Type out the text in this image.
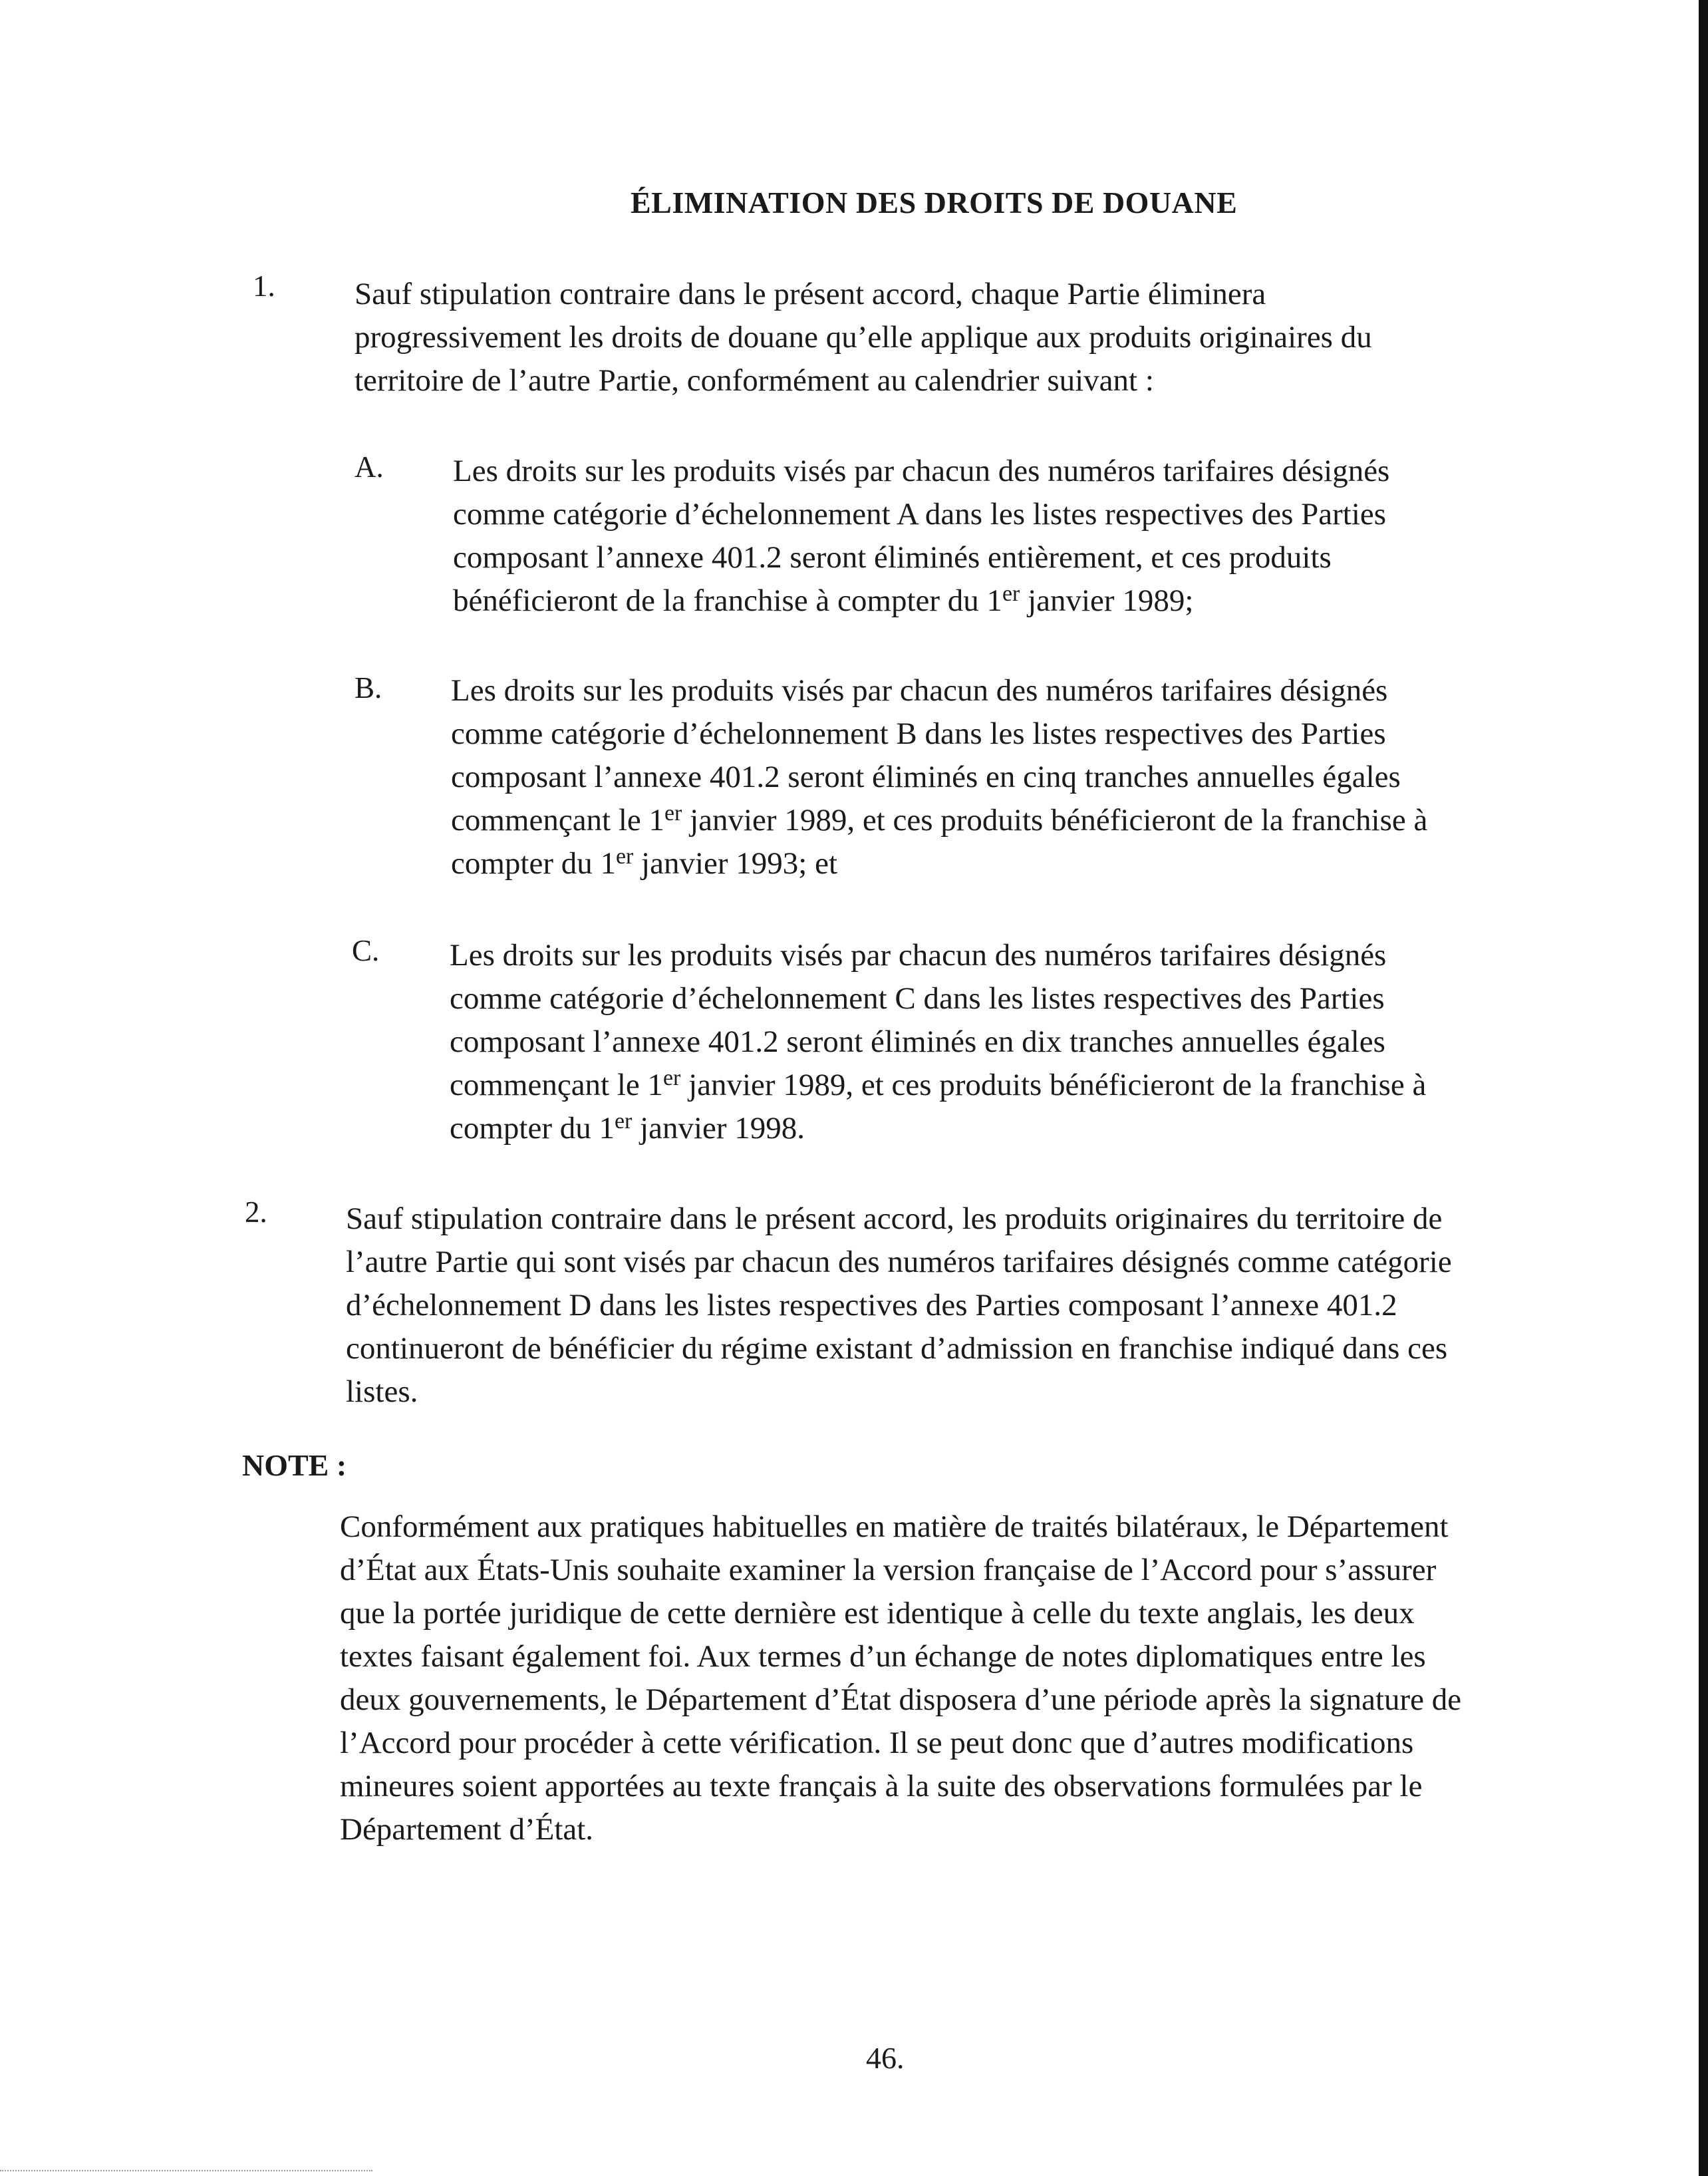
ÉLIMINATION DES DROITS DE DOUANE
1.	Sauf stipulation contraire dans le présent accord, chaque Partie éliminera
progressivement les droits de douane qu’elle applique aux produits originaires du
territoire de l’autre Partie, conformément au calendrier suivant :
A. Les droits sur les produits visés par chacun des numéros tarifaires désignés
comme catégorie d’échelonnement A dans les listes respectives des Parties
composant l’annexe 401.2 seront éliminés entièrement, et ces produits
bénéficieront de la franchise à compter du 1er janvier 1989;
B. Les droits sur les produits visés par chacun des numéros tarifaires désignés
comme catégorie d’échelonnement B dans les listes respectives des Parties
composant l’annexe 401.2 seront éliminés en cinq tranches annuelles égales
commençant le 1er janvier 1989, et ces produits bénéficieront de la franchise à
compter du 1er janvier 1993; et
C. Les droits sur les produits visés par chacun des numéros tarifaires désignés
comme catégorie d’échelonnement C dans les listes respectives des Parties
composant l’annexe 401.2 seront éliminés en dix tranches annuelles égales
commençant le 1er janvier 1989, et ces produits bénéficieront de la franchise à
compter du 1er janvier 1998.
2.	Sauf stipulation contraire dans le présent accord, les produits originaires du territoire de
l’autre Partie qui sont visés par chacun des numéros tarifaires désignés comme catégorie
d’échelonnement D dans les listes respectives des Parties composant l’annexe 401.2
continueront de bénéficier du régime existant d’admission en franchise indiqué dans ces
listes.
NOTE :
Conformément aux pratiques habituelles en matière de traités bilatéraux, le Département
d’État aux États-Unis souhaite examiner la version française de l’Accord pour s’assurer
que la portée juridique de cette dernière est identique à celle du texte anglais, les deux
textes faisant également foi. Aux termes d’un échange de notes diplomatiques entre les
deux gouvernements, le Département d’État disposera d’une période après la signature de
l’Accord pour procéder à cette vérification. Il se peut donc que d’autres modifications
mineures soient apportées au texte français à la suite des observations formulées par le
Département d’État.
46.
